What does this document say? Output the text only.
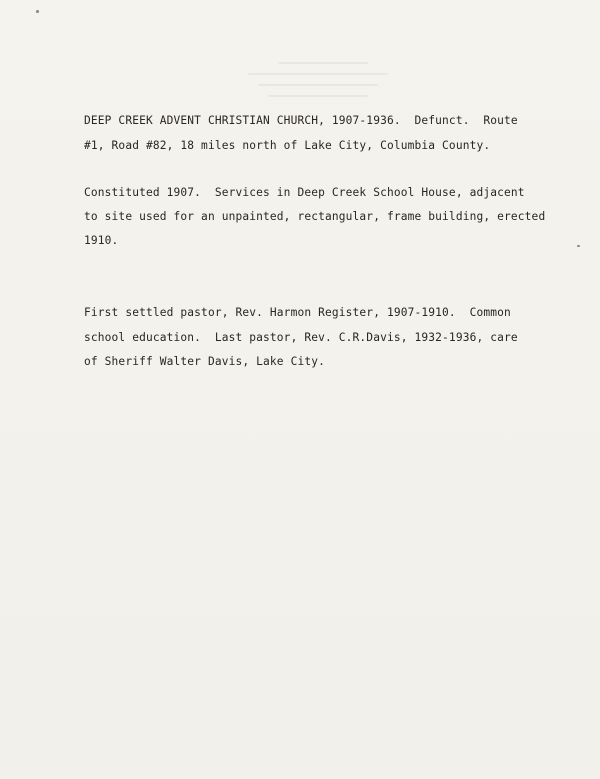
DEEP CREEK ADVENT CHRISTIAN CHURCH, 1907-1936.  Defunct.  Route
#1, Road #82, 18 miles north of Lake City, Columbia County.
Constituted 1907.  Services in Deep Creek School House, adjacent
to site used for an unpainted, rectangular, frame building, erected
1910.
First settled pastor, Rev. Harmon Register, 1907-1910.  Common
school education.  Last pastor, Rev. C.R.Davis, 1932-1936, care
of Sheriff Walter Davis, Lake City.
